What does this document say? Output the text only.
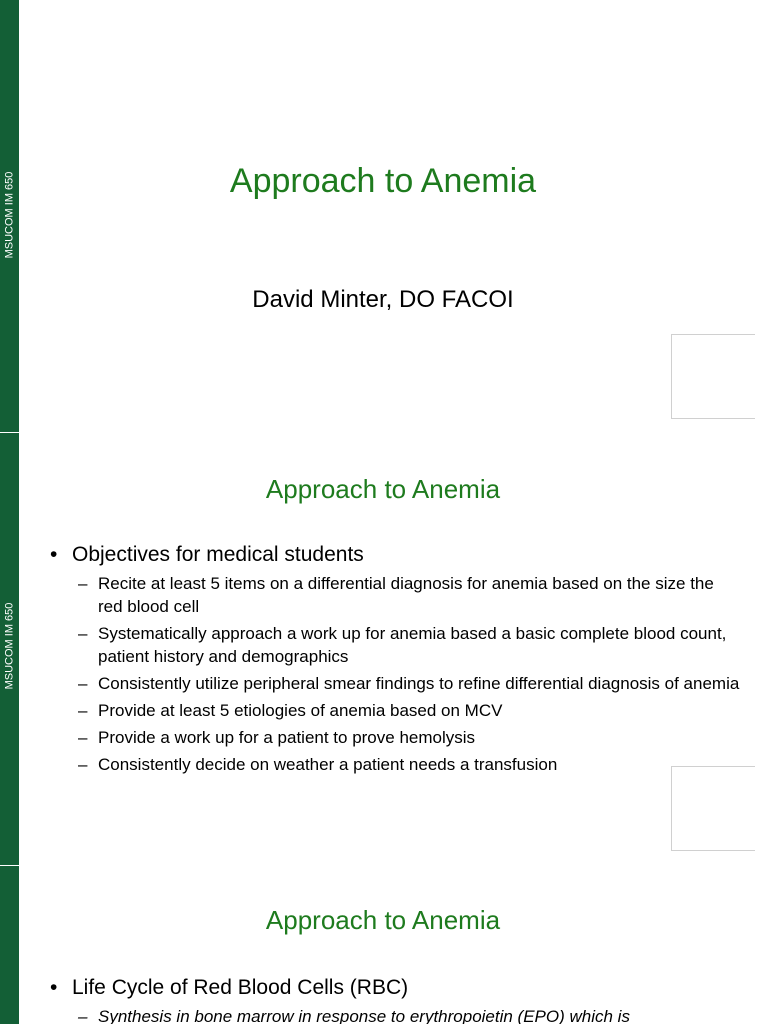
MSUCOM IM 650	Approach to Anemia
David Minter, DO FACOI
MSUCOM IM 650
Approach to Anemia
• Objectives for medical students
– Recite at least 5 items on a differential diagnosis for anemia based on the size the red blood cell
– Systematically approach a work up for anemia based a basic complete blood count, patient history and demographics
– Consistently utilize peripheral smear findings to refine differential diagnosis of anemia
– Provide at least 5 etiologies of anemia based on MCV
– Provide a work up for a patient to prove hemolysis
– Consistently decide on weather a patient needs a transfusion
Approach to Anemia
• Life Cycle of Red Blood Cells (RBC)
– Synthesis in bone marrow in response to erythropoietin (EPO) which is
